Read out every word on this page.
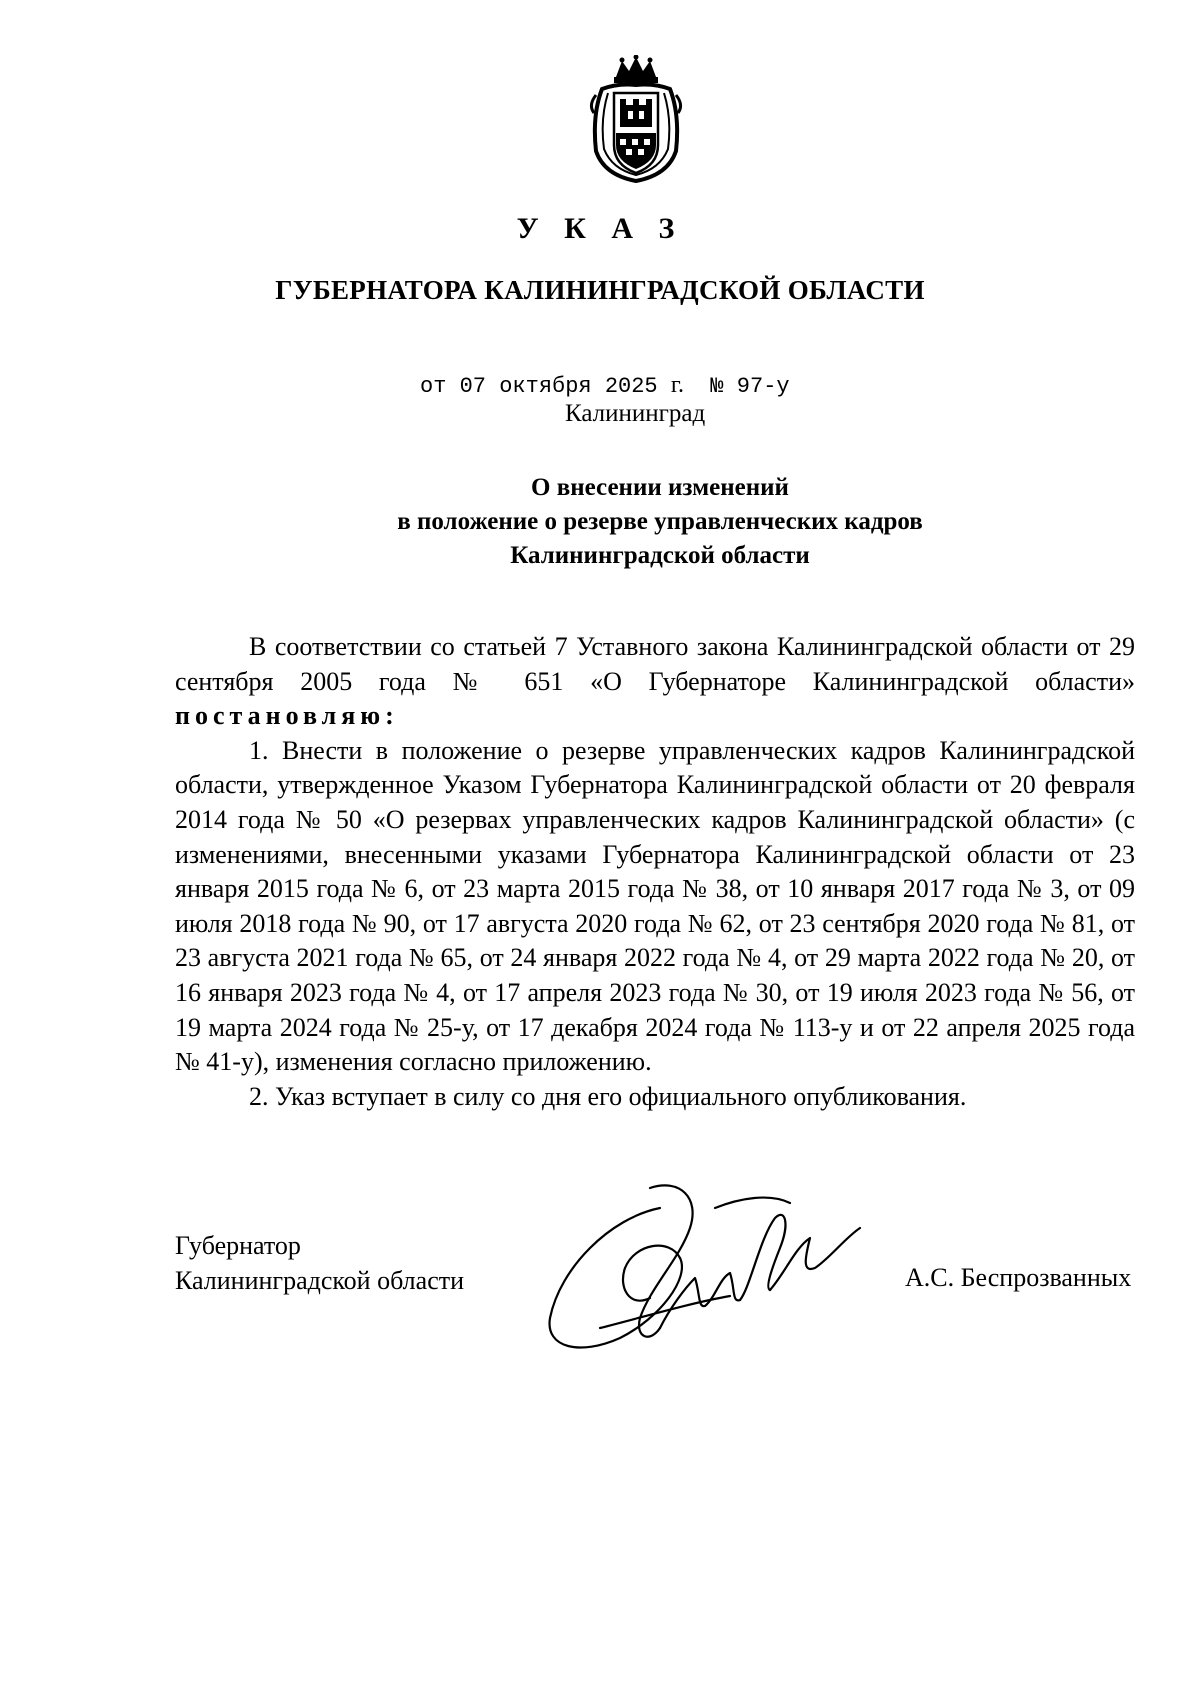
У К А З
ГУБЕРНАТОРА КАЛИНИНГРАДСКОЙ ОБЛАСТИ
от 07 октября 2025 г. № 97-у
Калининград
О внесении изменений
в положение о резерве управленческих кадров
Калининградской области

В соответствии со статьей 7 Уставного закона Калининградской области от 29 сентября 2005 года № 651 «О Губернаторе Калининградской области» постановляю:

1. Внести в положение о резерве управленческих кадров Калининградской области, утвержденное Указом Губернатора Калининградской области от 20 февраля 2014 года № 50 «О резервах управленческих кадров Калининградской области» (с изменениями, внесенными указами Губернатора Калининградской области от 23 января 2015 года № 6, от 23 марта 2015 года № 38, от 10 января 2017 года № 3, от 09 июля 2018 года № 90, от 17 августа 2020 года № 62, от 23 сентября 2020 года № 81, от 23 августа 2021 года № 65, от 24 января 2022 года № 4, от 29 марта 2022 года № 20, от 16 января 2023 года № 4, от 17 апреля 2023 года № 30, от 19 июля 2023 года № 56, от 19 марта 2024 года № 25-у, от 17 декабря 2024 года № 113-у и от 22 апреля 2025 года № 41-у), изменения согласно приложению.

2. Указ вступает в силу со дня его официального опубликования.

Губернатор
Калининградской области	А.С. Беспрозванных
